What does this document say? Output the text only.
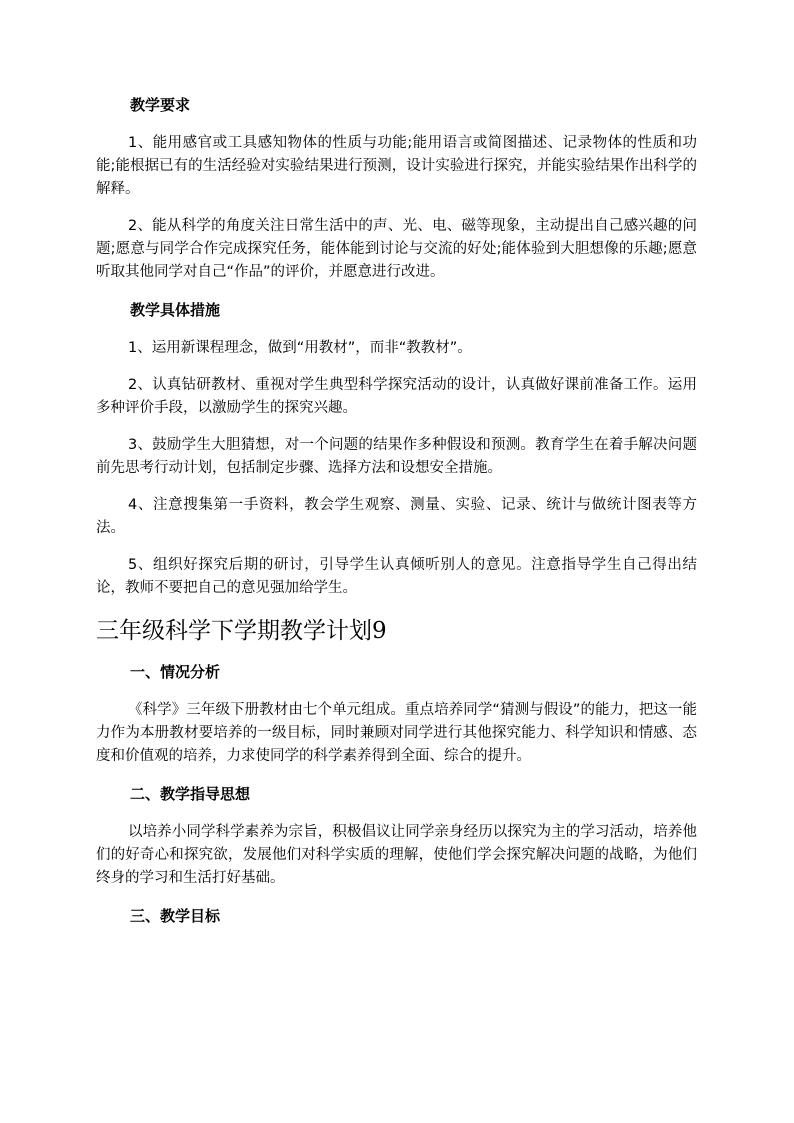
教学要求

1、能用感官或工具感知物体的性质与功能;能用语言或简图描述、记录物体的性质和功能;能根据已有的生活经验对实验结果进行预测，设计实验进行探究，并能实验结果作出科学的解释。

2、能从科学的角度关注日常生活中的声、光、电、磁等现象，主动提出自己感兴趣的问题;愿意与同学合作完成探究任务，能体能到讨论与交流的好处;能体验到大胆想像的乐趣;愿意听取其他同学对自己“作品”的评价，并愿意进行改进。

教学具体措施

1、运用新课程理念，做到“用教材”，而非“教教材”。

2、认真钻研教材、重视对学生典型科学探究活动的设计，认真做好课前准备工作。运用多种评价手段，以激励学生的探究兴趣。

3、鼓励学生大胆猜想，对一个问题的结果作多种假设和预测。教育学生在着手解决问题前先思考行动计划，包括制定步骤、选择方法和设想安全措施。

4、注意搜集第一手资料，教会学生观察、测量、实验、记录、统计与做统计图表等方法。

5、组织好探究后期的研讨，引导学生认真倾听别人的意见。注意指导学生自己得出结论，教师不要把自己的意见强加给学生。

三年级科学下学期教学计划9
一、情况分析

《科学》三年级下册教材由七个单元组成。重点培养同学“猜测与假设”的能力，把这一能力作为本册教材要培养的一级目标，同时兼顾对同学进行其他探究能力、科学知识和情感、态度和价值观的培养，力求使同学的科学素养得到全面、综合的提升。

二、教学指导思想

以培养小同学科学素养为宗旨，积极倡议让同学亲身经历以探究为主的学习活动，培养他们的好奇心和探究欲，发展他们对科学实质的理解，使他们学会探究解决问题的战略，为他们终身的学习和生活打好基础。

三、教学目标
